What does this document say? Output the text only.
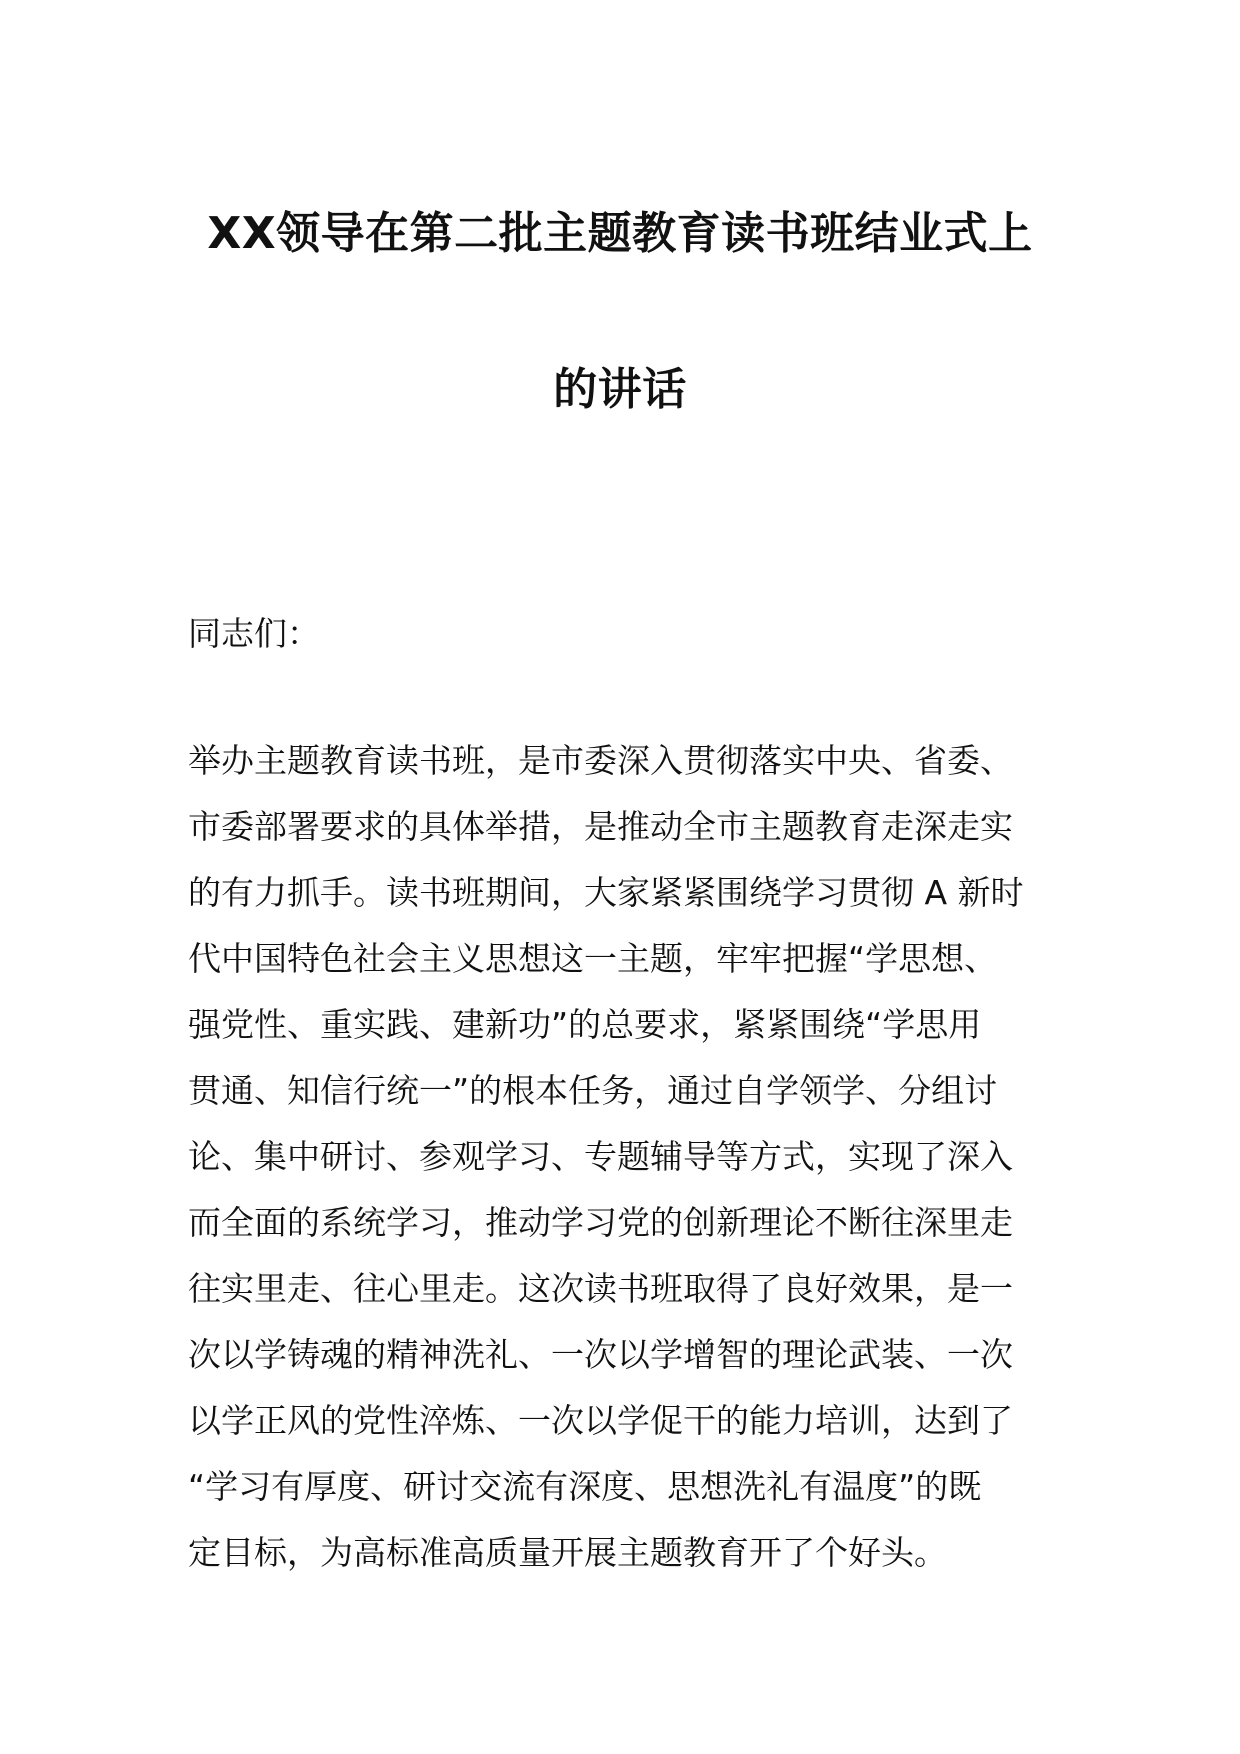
XX领导在第二批主题教育读书班结业式上
的讲话
同志们：
举办主题教育读书班，是市委深入贯彻落实中央、省委、
市委部署要求的具体举措，是推动全市主题教育走深走实
的有力抓手。读书班期间，大家紧紧围绕学习贯彻 A 新时
代中国特色社会主义思想这一主题，牢牢把握“学思想、
强党性、重实践、建新功”的总要求，紧紧围绕“学思用
贯通、知信行统一”的根本任务，通过自学领学、分组讨
论、集中研讨、参观学习、专题辅导等方式，实现了深入
而全面的系统学习，推动学习党的创新理论不断往深里走
往实里走、往心里走。这次读书班取得了良好效果，是一
次以学铸魂的精神洗礼、一次以学增智的理论武装、一次
以学正风的党性淬炼、一次以学促干的能力培训，达到了
“学习有厚度、研讨交流有深度、思想洗礼有温度”的既
定目标，为高标准高质量开展主题教育开了个好头。
